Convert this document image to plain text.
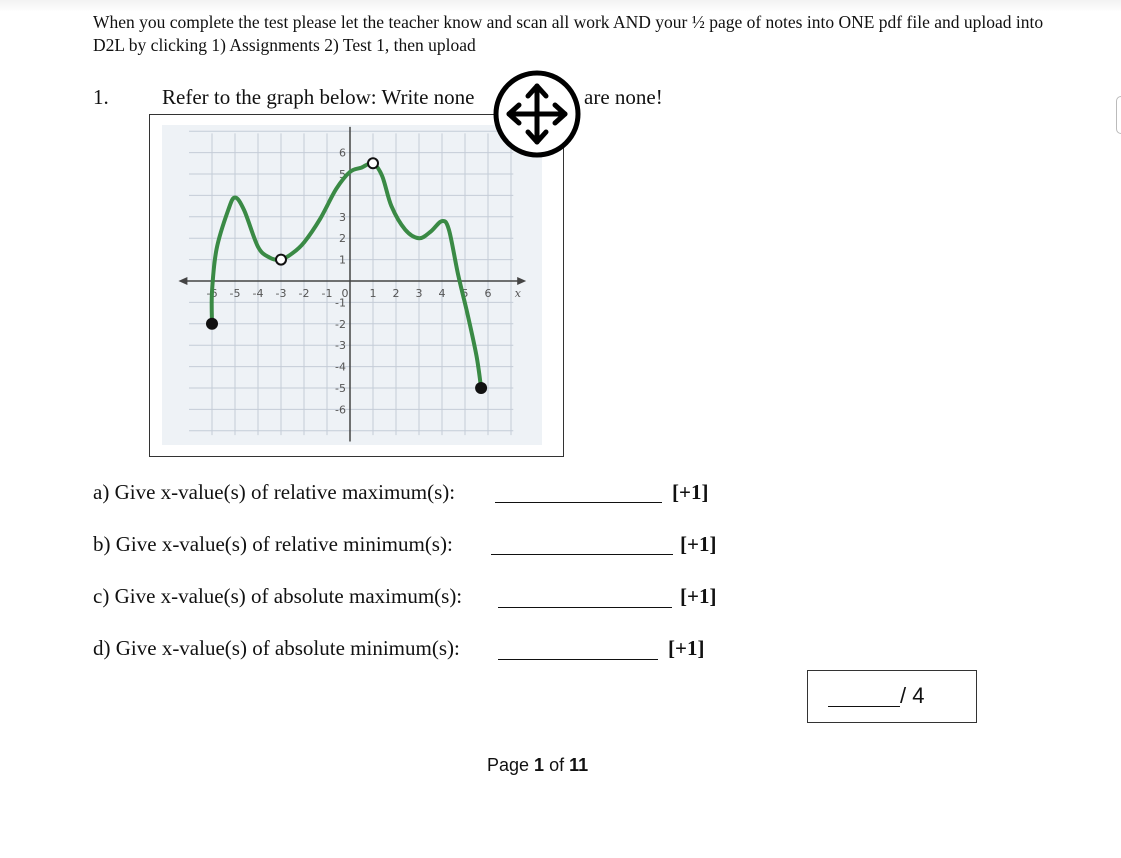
When you complete the test please let the teacher know and scan all work AND your ½ page of notes into ONE pdf file and upload into D2L by clicking 1) Assignments 2) Test 1, then upload
1.	Refer to the graph below: Write none	are none!
-6 -5 -4 -3 -2 -1 0 1 2 3 4 5 6
6
5
3
2
1
-1
-2
-3
-4
-5
-6
x
a) Give x-value(s) of relative maximum(s):	[+1]
b) Give x-value(s) of relative minimum(s):	[+1]
c) Give x-value(s) of absolute maximum(s):	[+1]
d) Give x-value(s) of absolute minimum(s):	[+1]
/ 4
Page 1 of 11
